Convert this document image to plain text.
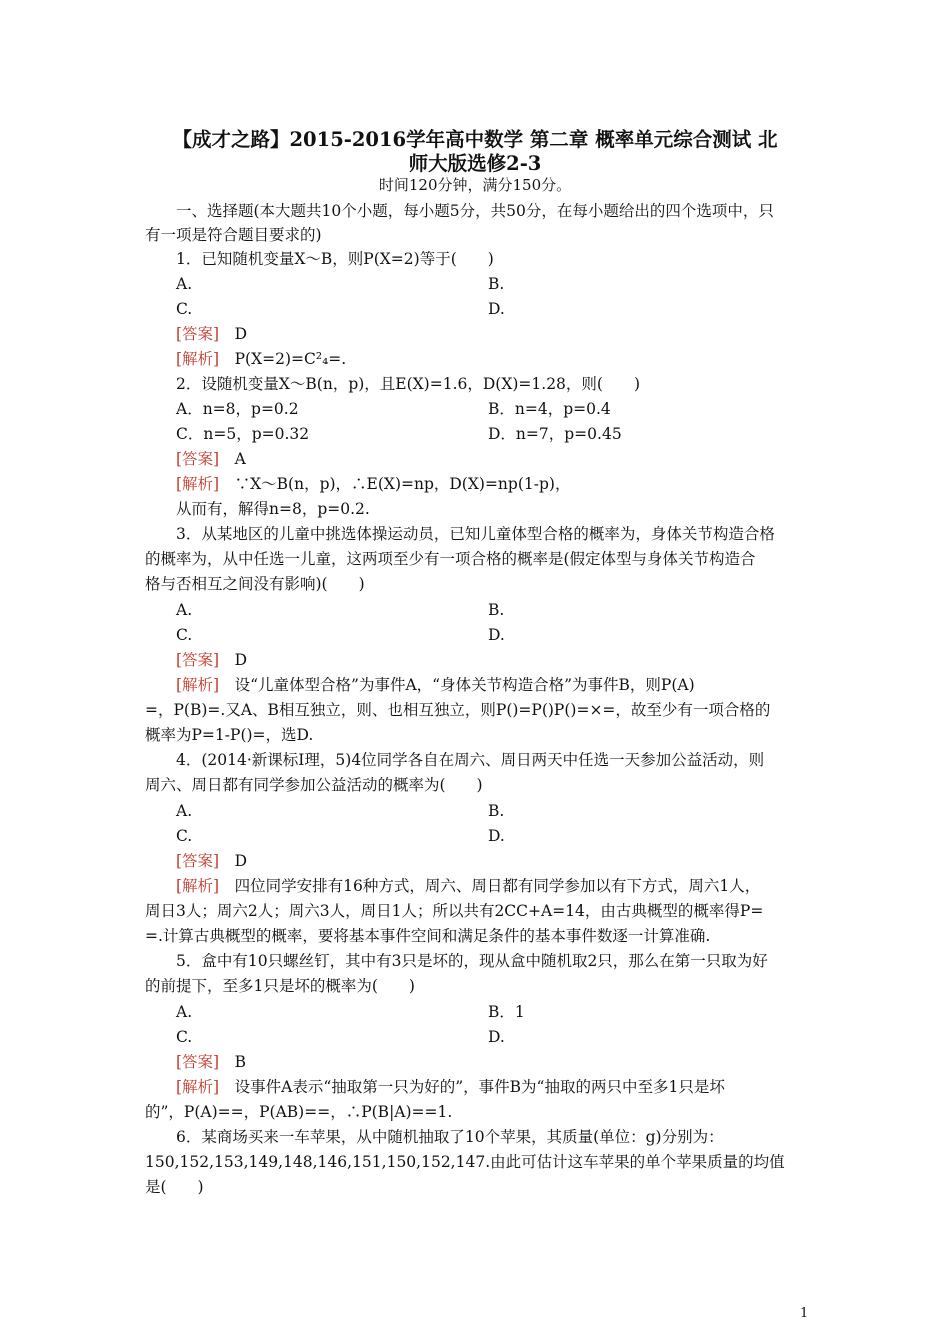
【成才之路】2015-2016学年高中数学 第二章 概率单元综合测试 北
师大版选修2-3
时间120分钟，满分150分。
一、选择题(本大题共10个小题，每小题5分，共50分，在每小题给出的四个选项中，只
有一项是符合题目要求的)
1．已知随机变量X～B，则P(X=2)等于(　　)
A.	B.
C.	D.
[答案]　 D
[解析]　 P(X=2)=C²₄=.
2．设随机变量X～B(n，p)，且E(X)=1.6，D(X)=1.28，则(　　)
A．n=8，p=0.2	B．n=4，p=0.4
C．n=5，p=0.32	D．n=7，p=0.45
[答案]　 A
[解析]　 ∵X～B(n，p)，∴E(X)=np，D(X)=np(1-p)，
从而有，解得n=8，p=0.2.
3．从某地区的儿童中挑选体操运动员，已知儿童体型合格的概率为，身体关节构造合格
的概率为，从中任选一儿童，这两项至少有一项合格的概率是(假定体型与身体关节构造合
格与否相互之间没有影响)(　　)
A.	B.
C.	D.
[答案]　 D
[解析]　 设“儿童体型合格”为事件A，“身体关节构造合格”为事件B，则P(A)
=，P(B)=.又A、B相互独立，则、也相互独立，则P()=P()P()=×=，故至少有一项合格的
概率为P=1-P()=，选D.
4．(2014·新课标Ⅰ理，5)4位同学各自在周六、周日两天中任选一天参加公益活动，则
周六、周日都有同学参加公益活动的概率为(　　)
A.	B.
C.	D.
[答案]　 D
[解析]　 四位同学安排有16种方式，周六、周日都有同学参加以有下方式，周六1人，
周日3人；周六2人；周六3人，周日1人；所以共有2CC+A=14，由古典概型的概率得P=
=.计算古典概型的概率，要将基本事件空间和满足条件的基本事件数逐一计算准确.
5．盒中有10只螺丝钉，其中有3只是坏的，现从盒中随机取2只，那么在第一只取为好
的前提下，至多1只是坏的概率为(　　)
A.	B．1
C.	D.
[答案]　 B
[解析]　 设事件A表示“抽取第一只为好的”，事件B为“抽取的两只中至多1只是坏
的”，P(A)==，P(AB)==，∴P(B|A)==1.
6．某商场买来一车苹果，从中随机抽取了10个苹果，其质量(单位：g)分别为：
150,152,153,149,148,146,151,150,152,147.由此可估计这车苹果的单个苹果质量的均值
是(　　)
1
